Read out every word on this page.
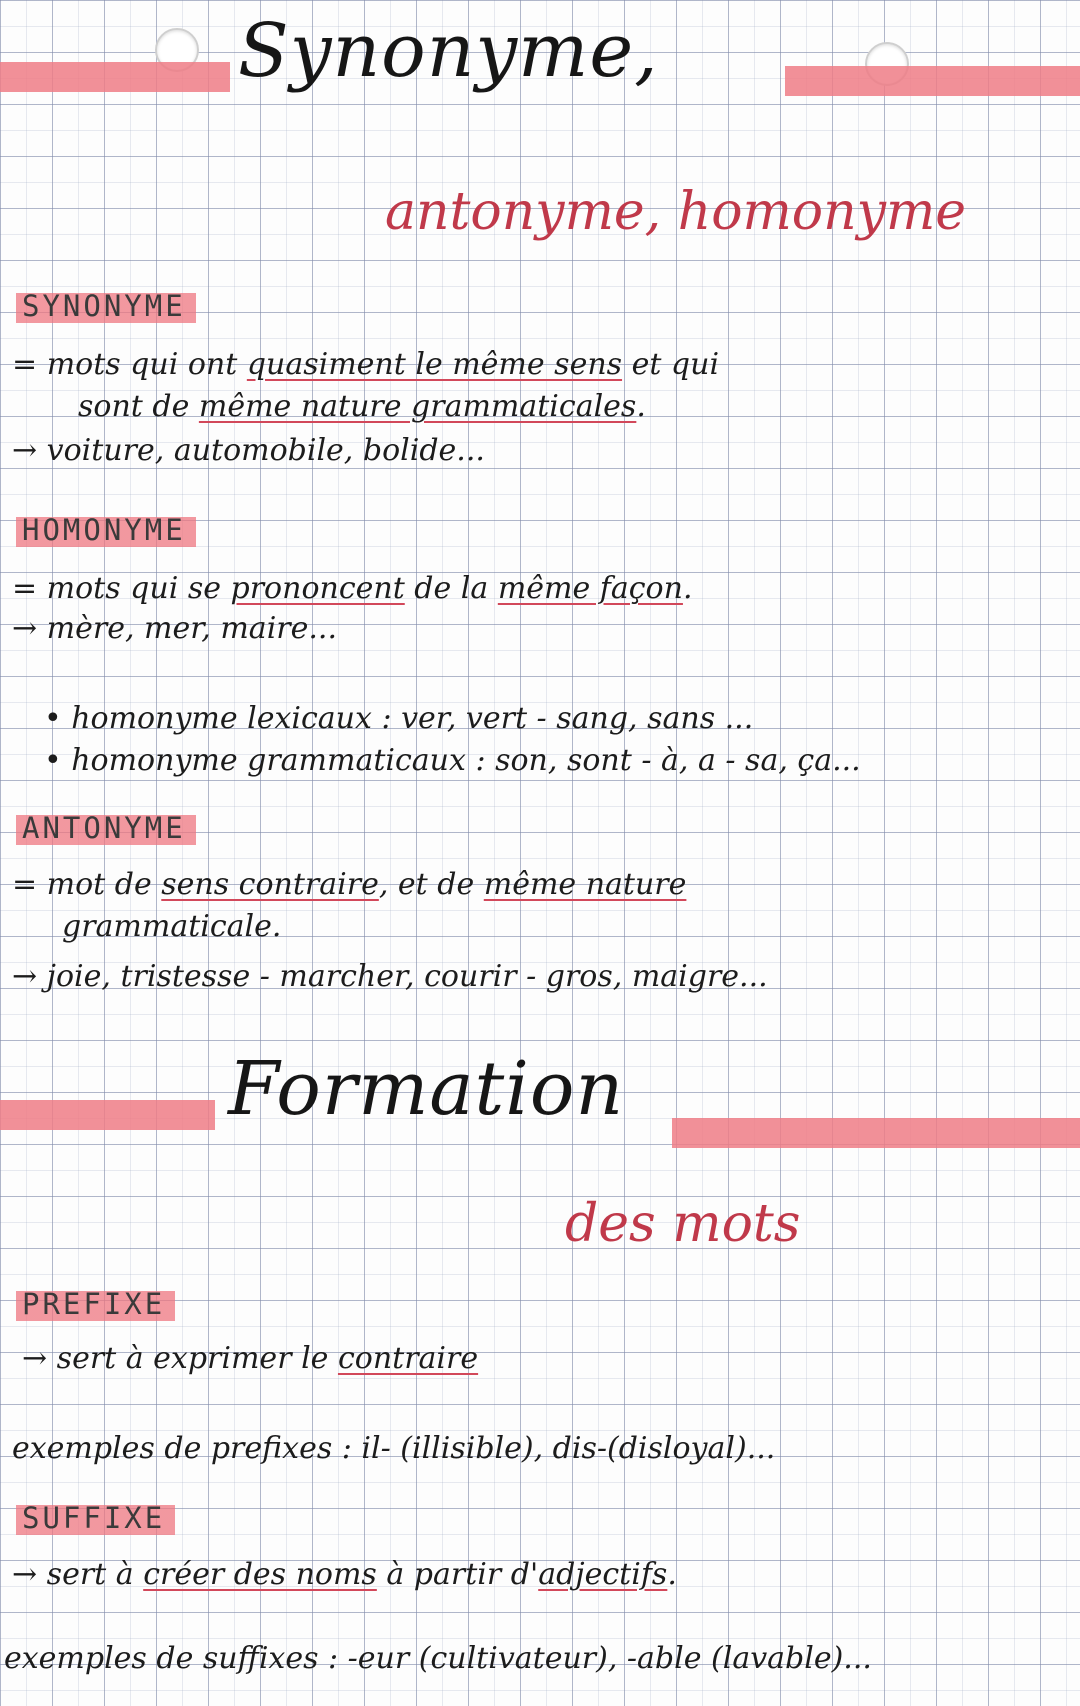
Synonyme,
antonyme, homonyme
SYNONYME
= mots qui ont quasiment le même sens et qui
sont de même nature grammaticales.
→ voiture, automobile, bolide...
HOMONYME
= mots qui se prononcent de la même façon.
→ mère, mer, maire...
• homonyme lexicaux : ver, vert - sang, sans ...
• homonyme grammaticaux : son, sont - à, a - sa, ça...
ANTONYME
= mot de sens contraire, et de même nature
grammaticale.
→ joie, tristesse - marcher, courir - gros, maigre...
Formation
des mots
PREFIXE
→ sert à exprimer le contraire
exemples de prefixes : il- (illisible), dis-(disloyal)...
SUFFIXE
→ sert à créer des noms à partir d'adjectifs.
exemples de suffixes : -eur (cultivateur), -able (lavable)...
